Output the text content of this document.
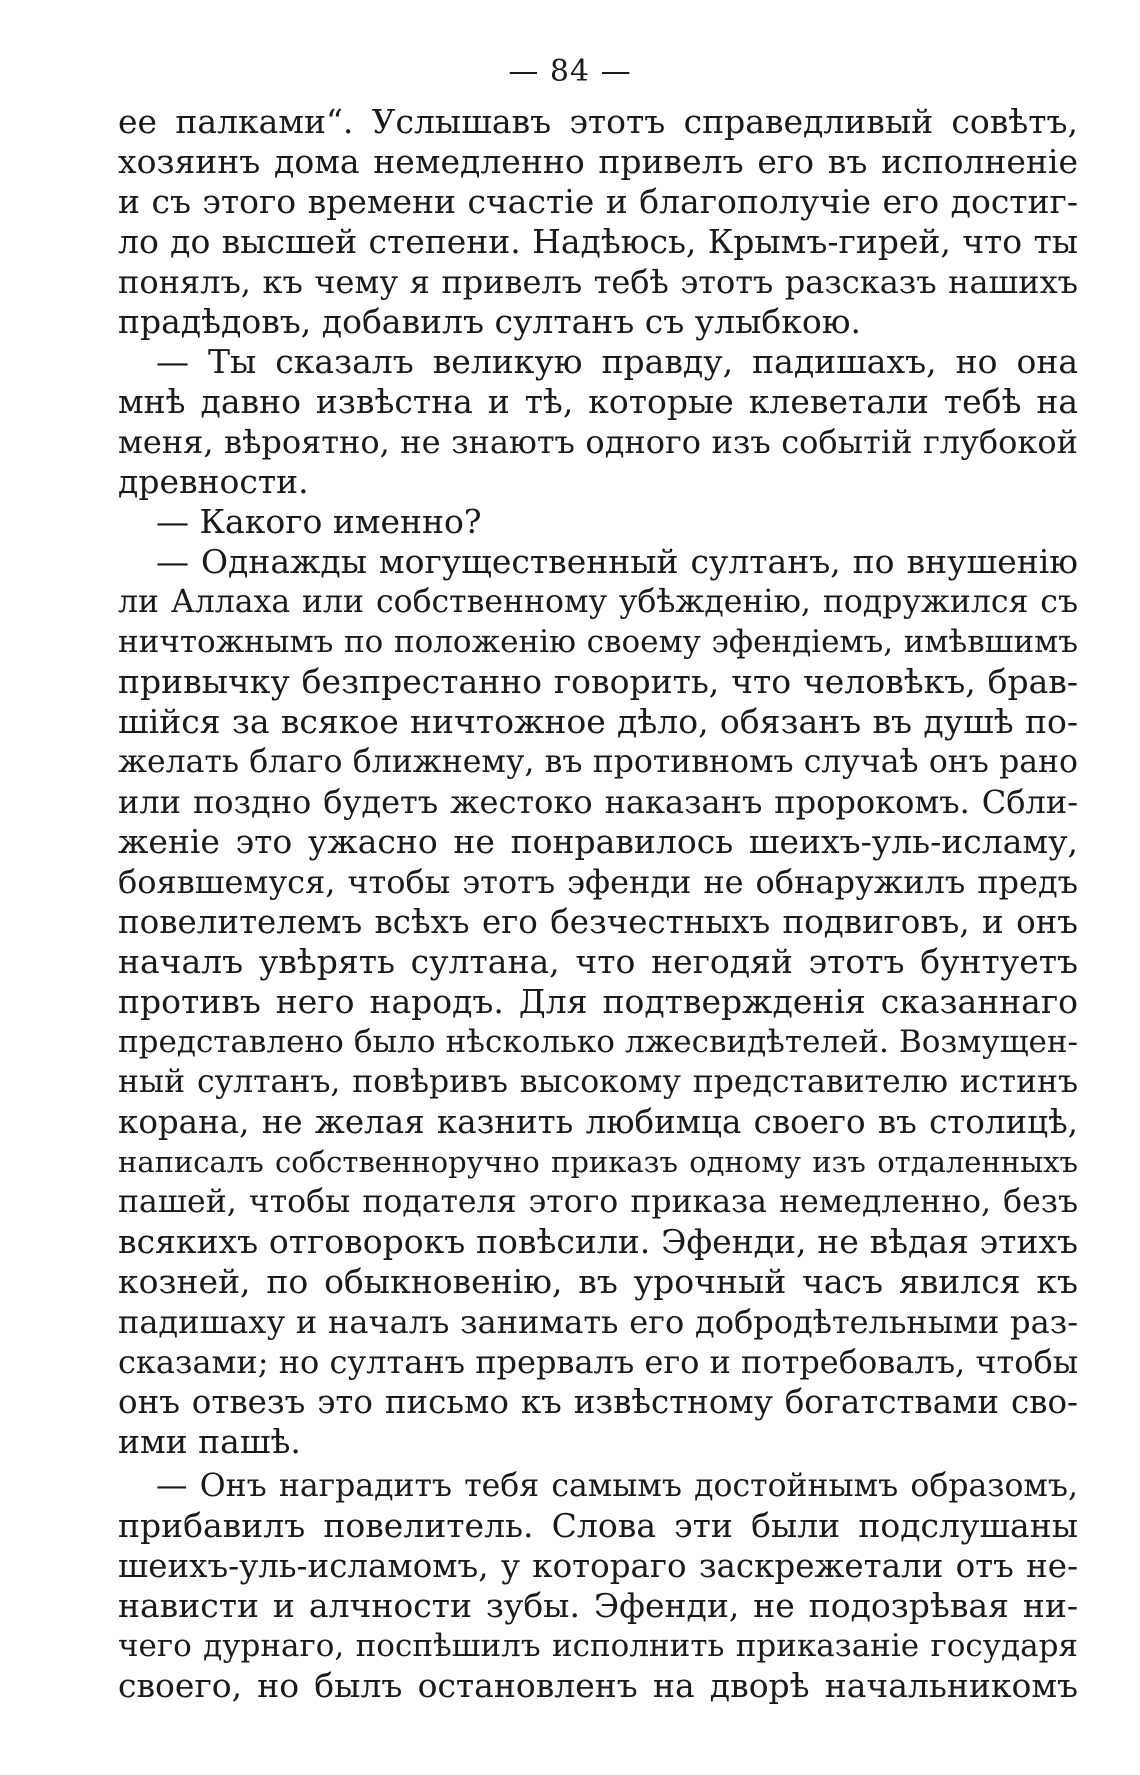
— 84 —
ее палками“. Услышавъ этотъ справедливый совѣтъ,
хозяинъ дома немедленно привелъ его въ исполненіе
и съ этого времени счастіе и благополучіе его достиг-
ло до высшей степени. Надѣюсь, Крымъ-гирей, что ты
понялъ, къ чему я привелъ тебѣ этотъ разсказъ нашихъ
прадѣдовъ, добавилъ султанъ съ улыбкою.
— Ты сказалъ великую правду, падишахъ, но она
мнѣ давно извѣстна и тѣ, которые клеветали тебѣ на
меня, вѣроятно, не знаютъ одного изъ событій глубокой
древности.
— Какого именно?
— Однажды могущественный султанъ, по внушенію
ли Аллаха или собственному убѣжденію, подружился съ
ничтожнымъ по положенію своему эфендіемъ, имѣвшимъ
привычку безпрестанно говорить, что человѣкъ, брав-
шійся за всякое ничтожное дѣло, обязанъ въ душѣ по-
желать благо ближнему, въ противномъ случаѣ онъ рано
или поздно будетъ жестоко наказанъ пророкомъ. Сбли-
женіе это ужасно не понравилось шеихъ-уль-исламу,
боявшемуся, чтобы этотъ эфенди не обнаружилъ предъ
повелителемъ всѣхъ его безчестныхъ подвиговъ, и онъ
началъ увѣрять султана, что негодяй этотъ бунтуетъ
противъ него народъ. Для подтвержденія сказаннаго
представлено было нѣсколько лжесвидѣтелей. Возмущен-
ный султанъ, повѣривъ высокому представителю истинъ
корана, не желая казнить любимца своего въ столицѣ,
написалъ собственноручно приказъ одному изъ отдаленныхъ
пашей, чтобы подателя этого приказа немедленно, безъ
всякихъ отговорокъ повѣсили. Эфенди, не вѣдая этихъ
козней, по обыкновенію, въ урочный часъ явился къ
падишаху и началъ занимать его добродѣтельными раз-
сказами; но султанъ прервалъ его и потребовалъ, чтобы
онъ отвезъ это письмо къ извѣстному богатствами сво-
ими пашѣ.
— Онъ наградитъ тебя самымъ достойнымъ образомъ,
прибавилъ повелитель. Слова эти были подслушаны
шеихъ-уль-исламомъ, у котораго заскрежетали отъ не-
нависти и алчности зубы. Эфенди, не подозрѣвая ни-
чего дурнаго, поспѣшилъ исполнить приказаніе государя
своего, но былъ остановленъ на дворѣ начальникомъ
